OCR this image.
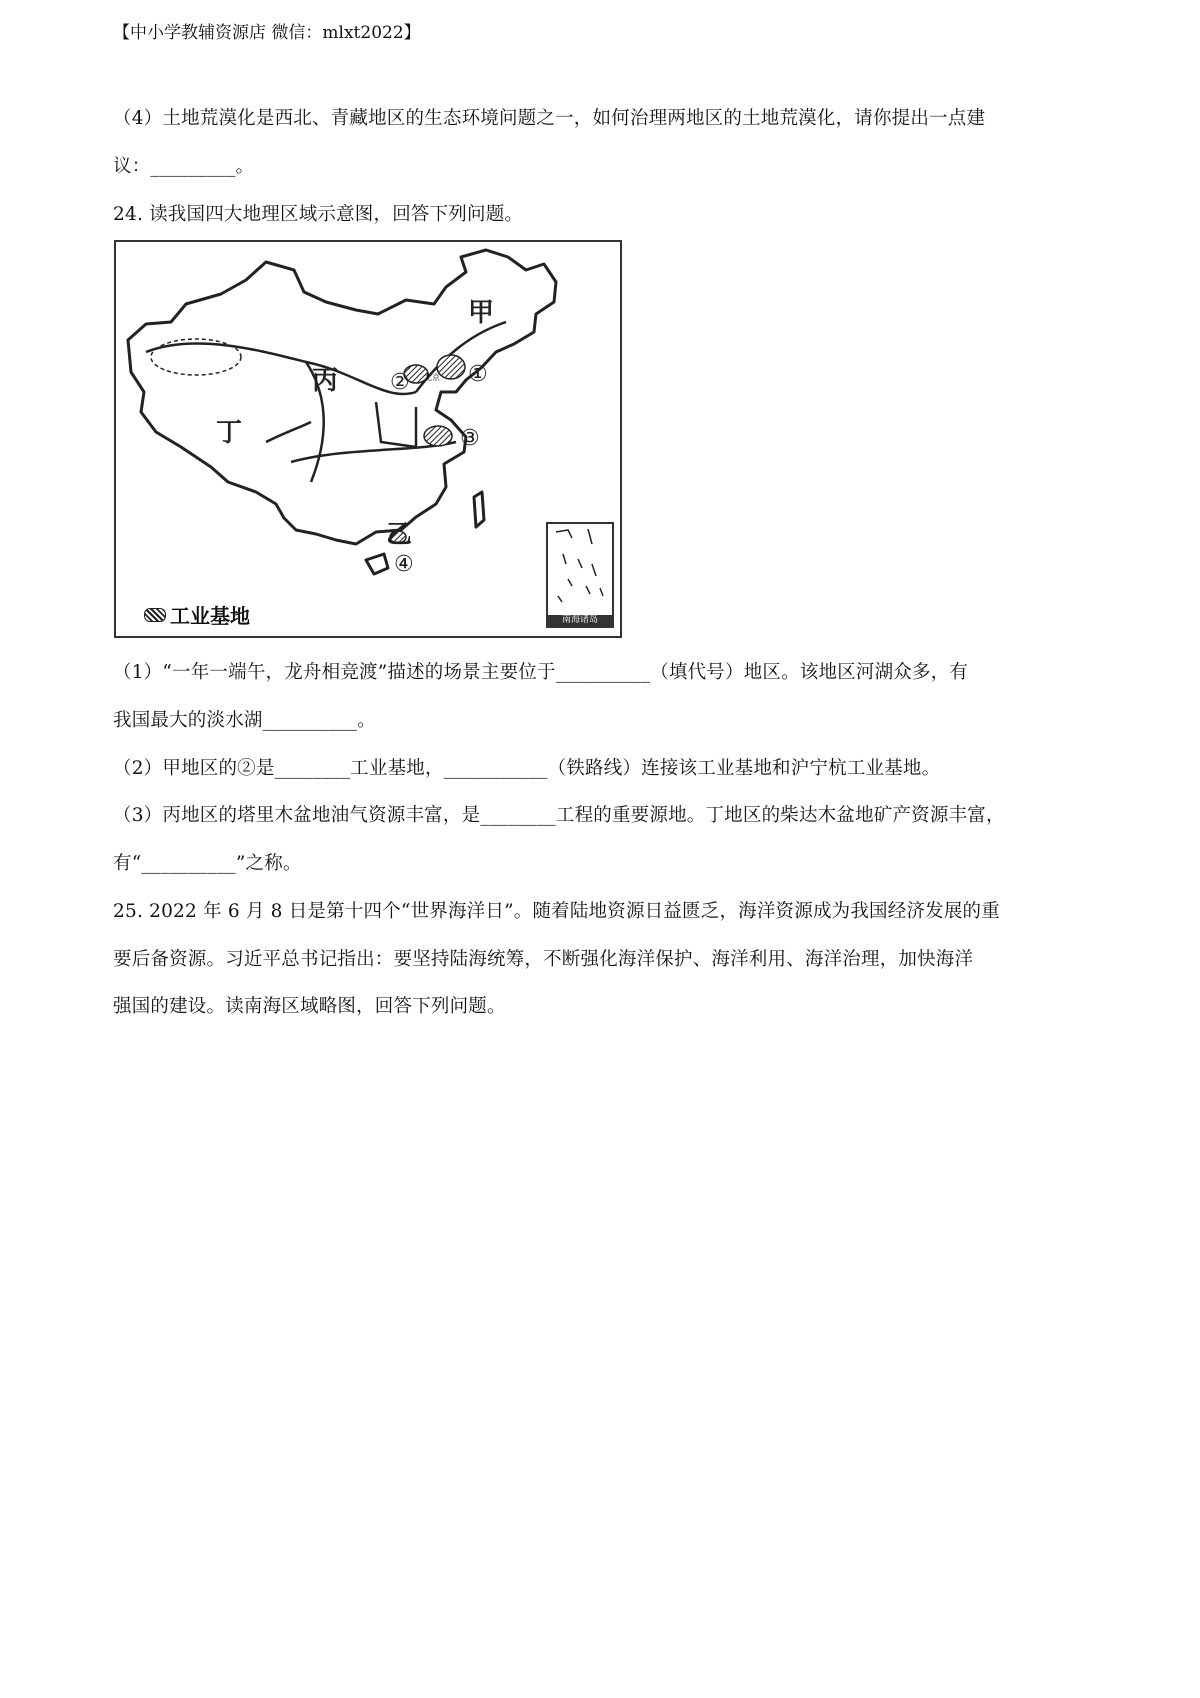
【中小学教辅资源店 微信：mlxt2022】
（4）土地荒漠化是西北、青藏地区的生态环境问题之一，如何治理两地区的土地荒漠化，请你提出一点建
议：_________。
24. 读我国四大地理区域示意图，回答下列问题。
甲
乙
丙
丁
①
②
③
④
北京
工业基地	南海诸岛
（1）“一年一端午，龙舟相竞渡”描述的场景主要位于__________（填代号）地区。该地区河湖众多，有
我国最大的淡水湖__________。
（2）甲地区的②是________工业基地，___________（铁路线）连接该工业基地和沪宁杭工业基地。
（3）丙地区的塔里木盆地油气资源丰富，是________工程的重要源地。丁地区的柴达木盆地矿产资源丰富，
有“__________”之称。
25. 2022 年 6 月 8 日是第十四个“世界海洋日”。随着陆地资源日益匮乏，海洋资源成为我国经济发展的重
要后备资源。习近平总书记指出：要坚持陆海统筹，不断强化海洋保护、海洋利用、海洋治理，加快海洋
强国的建设。读南海区域略图，回答下列问题。
